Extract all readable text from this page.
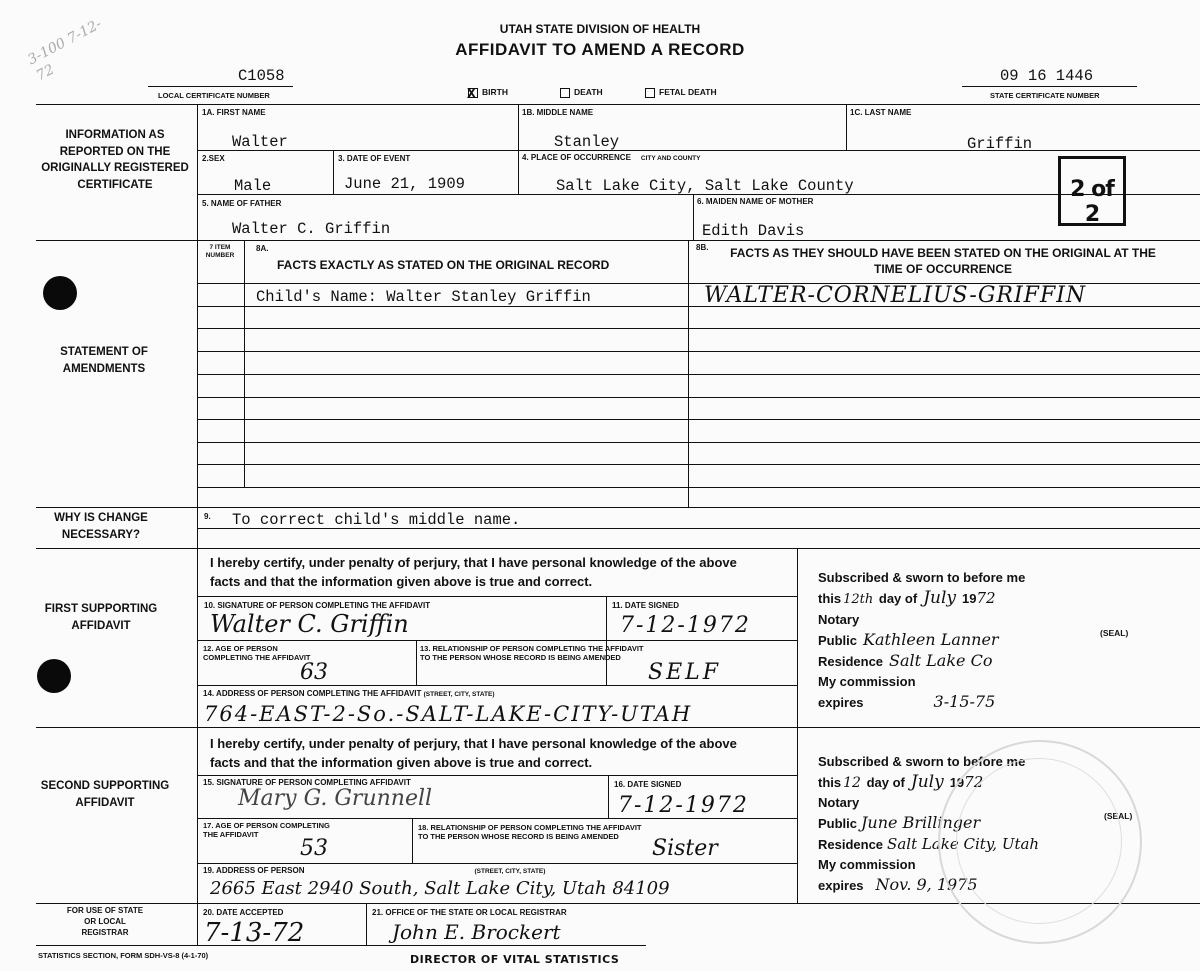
UTAH STATE DIVISION OF HEALTH
AFFIDAVIT TO AMEND A RECORD
3-100 7-12-72	C1058
LOCAL CERTIFICATE NUMBER
09 16 1446
STATE CERTIFICATE NUMBER
BIRTH
X	DEATH	FETAL DEATH
INFORMATION AS REPORTED ON THE ORIGINALLY REGISTERED CERTIFICATE
STATEMENT OF AMENDMENTS
WHY IS CHANGE NECESSARY?
FIRST SUPPORTING AFFIDAVIT
SECOND SUPPORTING AFFIDAVIT
FOR USE OF STATE OR LOCAL REGISTRAR
1A. FIRST NAME
Walter
1B. MIDDLE NAME
Stanley
1C. LAST NAME
Griffin
2.SEX
Male
3. DATE OF EVENT
June 21, 1909
4. PLACE OF OCCURRENCE CITY AND COUNTY
Salt Lake City, Salt Lake County
5. NAME OF FATHER
Walter C. Griffin
6. MAIDEN NAME OF MOTHER
Edith Davis
2 of 2
7 ITEM NUMBER
8A.
FACTS EXACTLY AS STATED ON THE ORIGINAL RECORD
8B. FACTS AS THEY SHOULD HAVE BEEN STATED ON THE ORIGINAL AT THE TIME OF OCCURRENCE
Child's Name: Walter Stanley Griffin	WALTER-CORNELIUS-GRIFFIN
9. To correct child's middle name.
I hereby certify, under penalty of perjury, that I have personal knowledge of the above facts and that the information given above is true and correct.
10. SIGNATURE OF PERSON COMPLETING THE AFFIDAVIT
Walter C. Griffin
11. DATE SIGNED
7-12-1972
12. AGE OF PERSON COMPLETING THE AFFIDAVIT
63
13. RELATIONSHIP OF PERSON COMPLETING THE AFFIDAVIT TO THE PERSON WHOSE RECORD IS BEING AMENDED
SELF
14. ADDRESS OF PERSON COMPLETING THE AFFIDAVIT (STREET, CITY, STATE)
764-EAST-2-So.-SALT-LAKE-CITY-UTAH
Subscribed & sworn to before me
this 12th day of July 1972
Notary
Public Kathleen Lanner
Residence Salt Lake Co
My commission
expires	3-15-75
(SEAL)
I hereby certify, under penalty of perjury, that I have personal knowledge of the above facts and that the information given above is true and correct.
15. SIGNATURE OF PERSON COMPLETING AFFIDAVIT
Mary G. Grunnell
16. DATE SIGNED
7-12-1972
17. AGE OF PERSON COMPLETING THE AFFIDAVIT
53
18. RELATIONSHIP OF PERSON COMPLETING THE AFFIDAVIT TO THE PERSON WHOSE RECORD IS BEING AMENDED	Sister
19. ADDRESS OF PERSON	(STREET, CITY, STATE)
2665 East 2940 South, Salt Lake City, Utah 84109
Subscribed & sworn to before me
this 12 day of July 1972
Notary
Public June Brillinger
Residence Salt Lake City, Utah
My commission
expires Nov. 9, 1975
(SEAL)
20. DATE ACCEPTED
7-13-72
21. OFFICE OF THE STATE OR LOCAL REGISTRAR
John E. Brockert
DIRECTOR OF VITAL STATISTICS
STATISTICS SECTION, FORM SDH-VS-8 (4-1-70)
